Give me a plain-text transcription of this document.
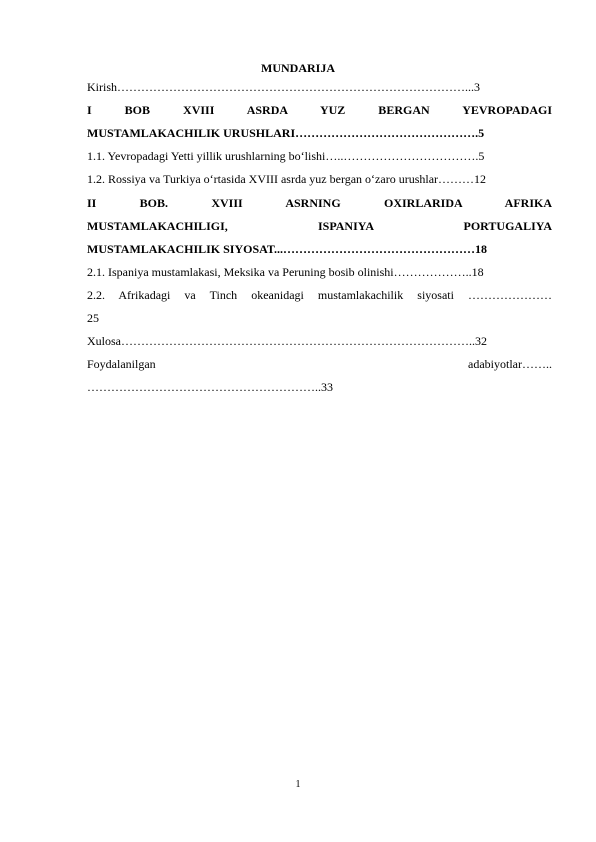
MUNDARIJA
Kirish……………………………………………………………………………...3
I BOB XVIII ASRDA YUZ BERGAN YEVROPADAGI
MUSTAMLAKACHILIK URUSHLARI……………………………………….5
1.1. Yevropadagi Yetti yillik urushlarning bo‘lishi…..…………………………….5
1.2. Rossiya va Turkiya o‘rtasida XVIII asrda yuz bergan o‘zaro urushlar………12
II BOB. XVIII ASRNING OXIRLARIDA AFRIKA
MUSTAMLAKACHILIGI, ISPANIYA PORTUGALIYA
MUSTAMLAKACHILIK SIYOSAT...…………………………………………18
2.1. Ispaniya mustamlakasi, Meksika va Peruning bosib olinishi………………..18
2.2. Afrikadagi va Tinch okeanidagi mustamlakachilik siyosati …………………
25
Xulosa……………………………………………………………………………..32
Foydalanilgan adabiyotlar……..
…………………………………………………..33
1
